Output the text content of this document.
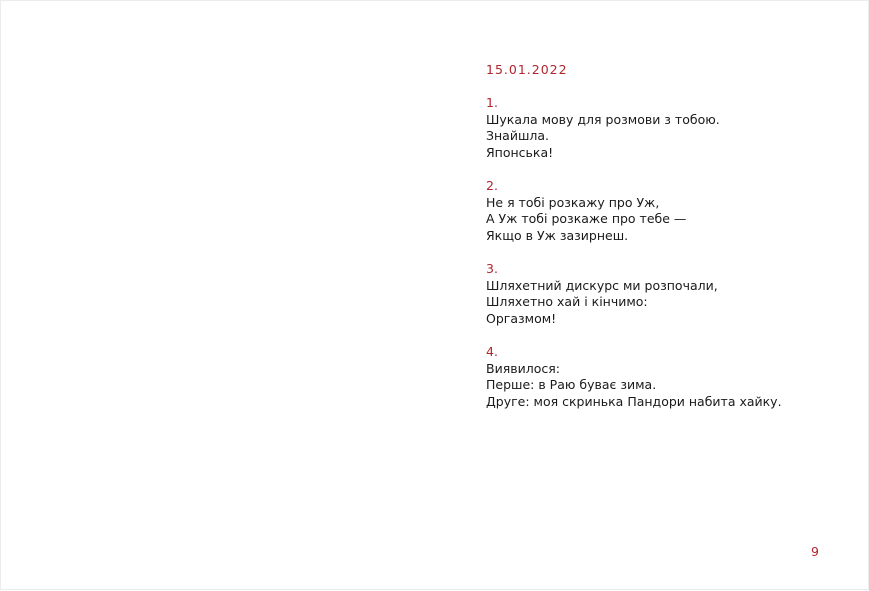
15.01.2022
1.
Шукала мову для розмови з тобою.
Знайшла.
Японська!
2.
Не я тобі розкажу про Уж,
А Уж тобі розкаже про тебе —
Якщо в Уж зазирнеш.
3.
Шляхетний дискурс ми розпочали,
Шляхетно хай і кінчимо:
Оргазмом!
4.
Виявилося:
Перше: в Раю буває зима.
Друге: моя скринька Пандори набита хайку.
9
